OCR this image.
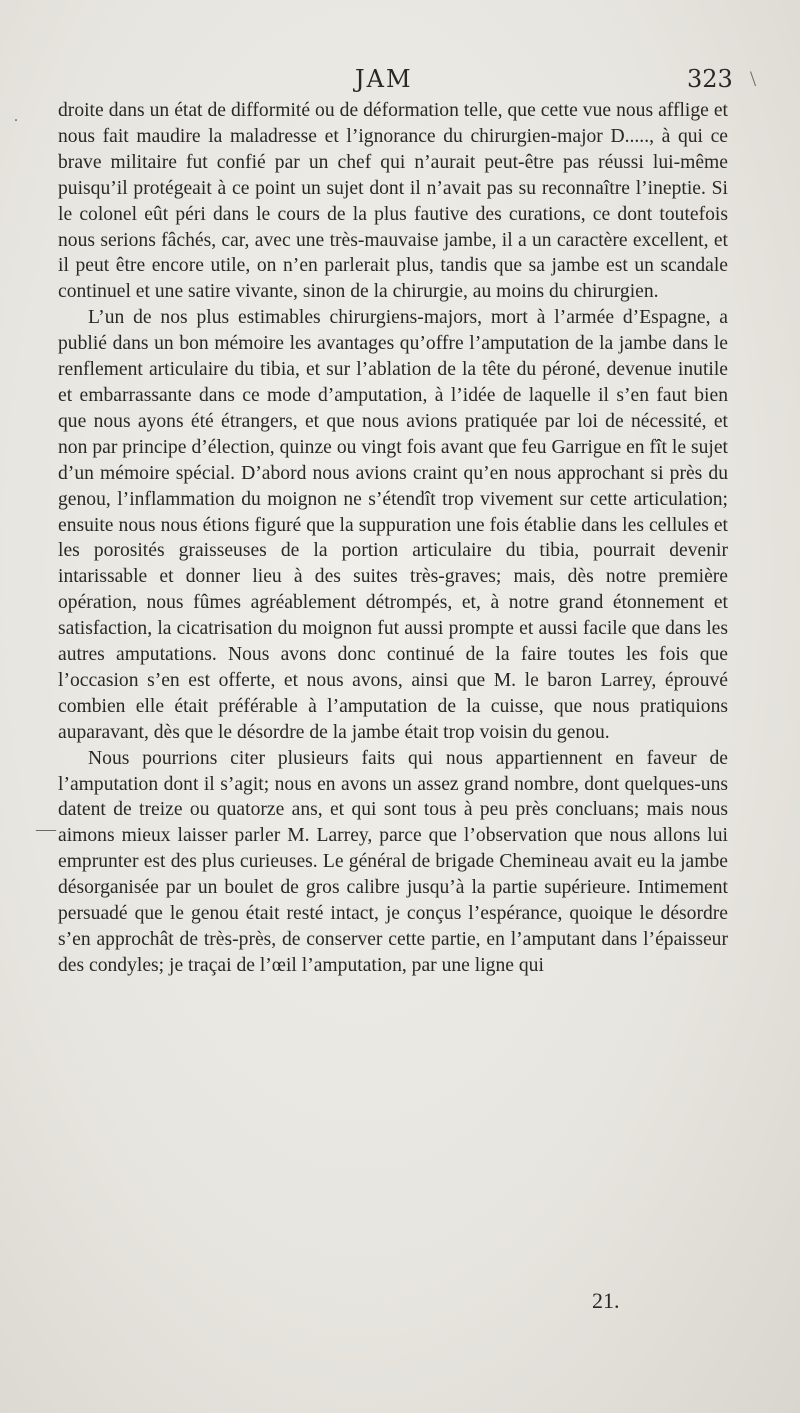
JAM	323

droite dans un état de difformité ou de déformation telle, que cette vue nous afflige et nous fait maudire la maladresse et l’ignorance du chirurgien-major D....., à qui ce brave militaire fut confié par un chef qui n’aurait peut-être pas réussi lui-même puisqu’il protégeait à ce point un sujet dont il n’avait pas su reconnaître l’ineptie. Si le colonel eût péri dans le cours de la plus fautive des curations, ce dont toutefois nous serions fâchés, car, avec une très-mauvaise jambe, il a un caractère excellent, et il peut être encore utile, on n’en parlerait plus, tandis que sa jambe est un scandale continuel et une satire vivante, sinon de la chirurgie, au moins du chirurgien.

L’un de nos plus estimables chirurgiens-majors, mort à l’armée d’Espagne, a publié dans un bon mémoire les avantages qu’offre l’amputation de la jambe dans le renflement articulaire du tibia, et sur l’ablation de la tête du péroné, devenue inutile et embarrassante dans ce mode d’amputation, à l’idée de laquelle il s’en faut bien que nous ayons été étrangers, et que nous avions pratiquée par loi de nécessité, et non par principe d’élection, quinze ou vingt fois avant que feu Garrigue en fît le sujet d’un mémoire spécial. D’abord nous avions craint qu’en nous approchant si près du genou, l’inflammation du moignon ne s’étendît trop vivement sur cette articulation; ensuite nous nous étions figuré que la suppuration une fois établie dans les cellules et les porosités graisseuses de la portion articulaire du tibia, pourrait devenir intarissable et donner lieu à des suites très-graves; mais, dès notre première opération, nous fûmes agréablement détrompés, et, à notre grand étonnement et satisfaction, la cicatrisation du moignon fut aussi prompte et aussi facile que dans les autres amputations. Nous avons donc continué de la faire toutes les fois que l’occasion s’en est offerte, et nous avons, ainsi que M. le baron Larrey, éprouvé combien elle était préférable à l’amputation de la cuisse, que nous pratiquions auparavant, dès que le désordre de la jambe était trop voisin du genou.

Nous pourrions citer plusieurs faits qui nous appartiennent en faveur de l’amputation dont il s’agit; nous en avons un assez grand nombre, dont quelques-uns datent de treize ou quatorze ans, et qui sont tous à peu près concluans; mais nous aimons mieux laisser parler M. Larrey, parce que l’observation que nous allons lui emprunter est des plus curieuses. Le général de brigade Chemineau avait eu la jambe désorganisée par un boulet de gros calibre jusqu’à la partie supérieure. Intimement persuadé que le genou était resté intact, je conçus l’espérance, quoique le désordre s’en approchât de très-près, de conserver cette partie, en l’amputant dans l’épaisseur des condyles; je traçai de l’œil l’amputation, par une ligne qui

21.
\
.
—
